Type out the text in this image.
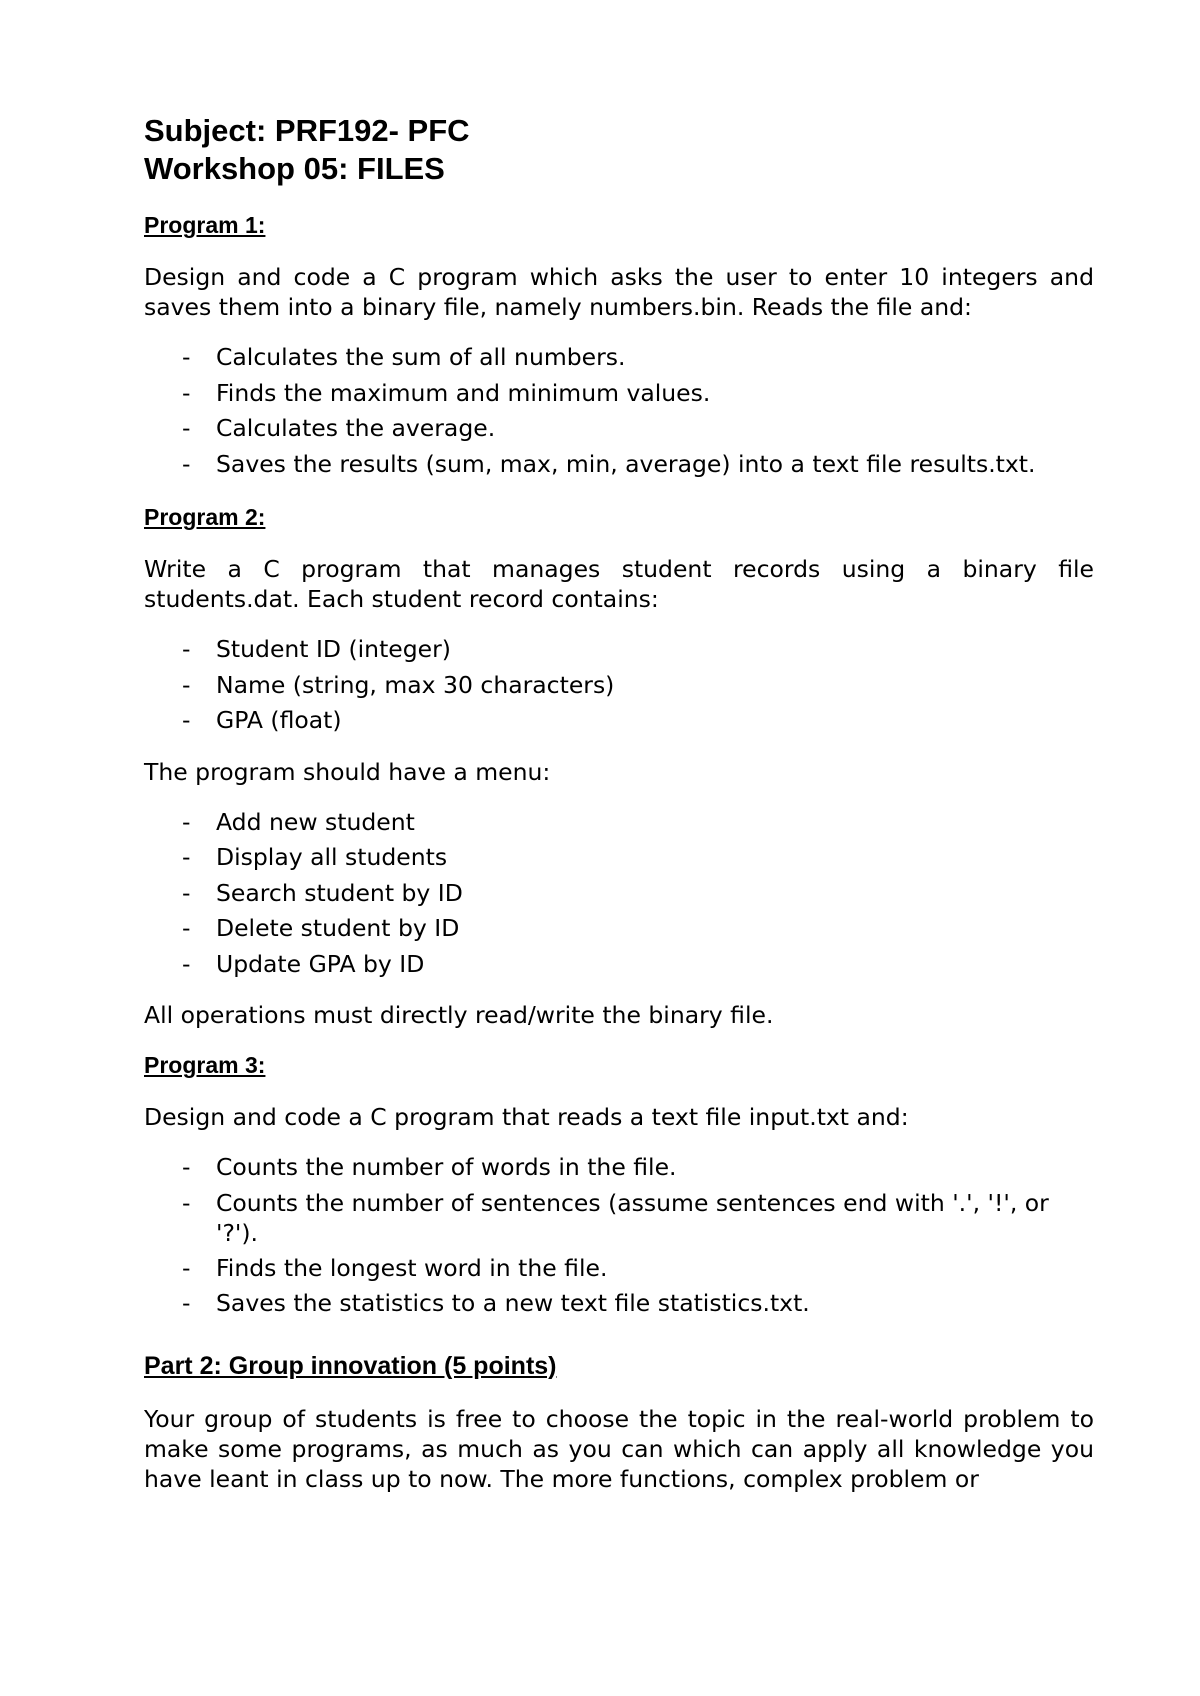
Subject: PRF192- PFC
Workshop 05: FILES
Program 1:

Design and code a C program which asks the user to enter 10 integers and saves them into a binary file, namely numbers.bin. Reads the file and:

- Calculates the sum of all numbers.
- Finds the maximum and minimum values.
- Calculates the average.
- Saves the results (sum, max, min, average) into a text file results.txt.
Program 2:

Write a C program that manages student records using a binary file students.dat. Each student record contains:

- Student ID (integer)
- Name (string, max 30 characters)
- GPA (float)

The program should have a menu:

- Add new student
- Display all students
- Search student by ID
- Delete student by ID
- Update GPA by ID

All operations must directly read/write the binary file.

Program 3:

Design and code a C program that reads a text file input.txt and:

- Counts the number of words in the file.
- Counts the number of sentences (assume sentences end with '.', '!', or '?').
- Finds the longest word in the file.
- Saves the statistics to a new text file statistics.txt.
Part 2: Group innovation (5 points)

Your group of students is free to choose the topic in the real-world problem to make some programs, as much as you can which can apply all knowledge you have leant in class up to now. The more functions, complex problem or
